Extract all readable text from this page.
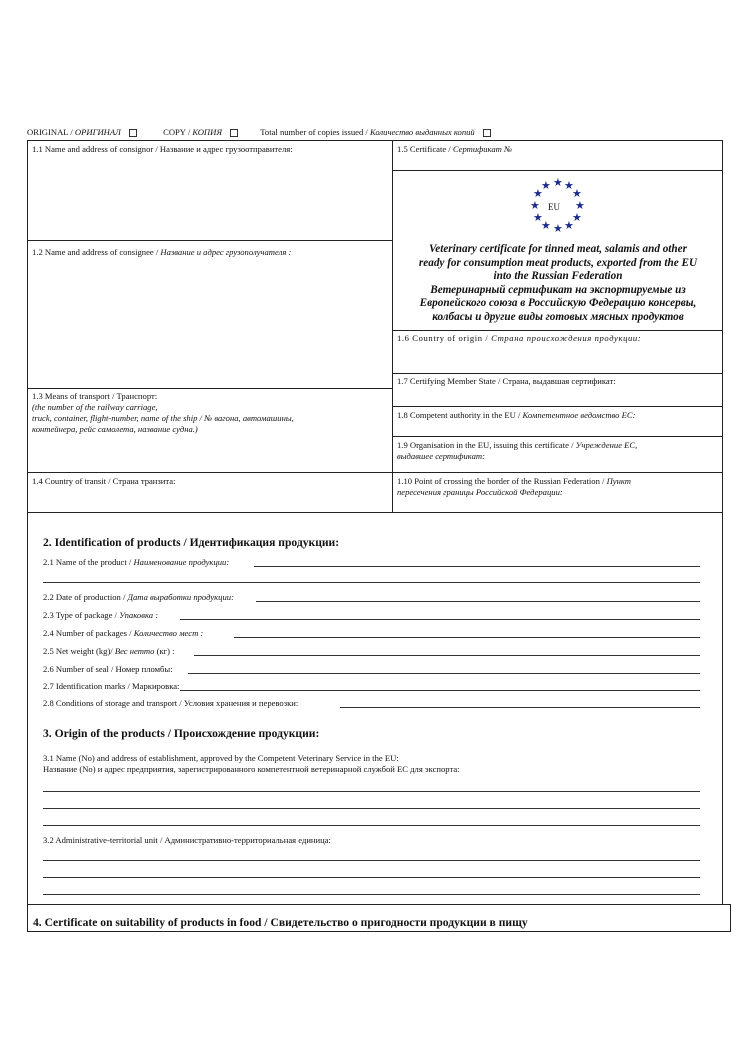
ORIGINAL / ОРИГИНАЛ	COPY / КОПИЯ	Total number of copies issued / Количество выданных копий
1.1 Name and address of consignor / Название и адрес грузоотправителя:
1.2 Name and address of consignee / Название и адрес грузополучателя :
1.3 Means of transport / Транспорт:
(the number of the railway carriage,
truck, container, flight-number, name of the ship / № вагона, автомашины,
контейнера, рейс самолета, название судна.)
1.4 Country of transit / Страна транзита:
1.5 Certificate / Сертификат №
★ ★
★
★
★
★
★
★
★
★
★
★
EU
Veterinary certificate for tinned meat, salamis and other
ready for consumption meat products, exported from the EU
into the Russian Federation
Ветеринарный сертификат на экспортируемые из
Европейского союза в Российскую Федерацию консервы,
колбасы и другие виды готовых мясных продуктов
1.6 Country of origin / Страна происхождения продукции:
1.7 Certifying Member State / Страна, выдавшая сертификат:
1.8 Competent authority in the EU / Компетентное ведомство ЕС:
1.9 Organisation in the EU, issuing this certificate / Учреждение ЕС,
выдавшее сертификат:
1.10 Point of crossing the border of the Russian Federation / Пункт
пересечения границы Российской Федерации:
2. Identification of products / Идентификация продукции:
2.1 Name of the product / Наименование продукции:
2.2 Date of production / Дата выработки продукции:
2.3 Type of package / Упаковка :
2.4 Number of packages / Количество мест :
2.5 Net weight (kg)/ Вес нетто (кг) :
2.6 Number of seal / Номер пломбы:
2.7 Identification marks / Маркировка:
2.8 Conditions of storage and transport / Условия хранения и перевозки:
3. Origin of the products / Происхождение продукции:
3.1 Name (No) and address of establishment, approved by the Competent Veterinary Service in the EU:
Название (No) и адрес предприятия, зарегистрированного компетентной ветеринарной службой ЕС для экспорта:
3.2 Administrative-territorial unit / Административно-территориальная единица:
4. Certificate on suitability of products in food / Свидетельство о пригодности продукции в пищу
